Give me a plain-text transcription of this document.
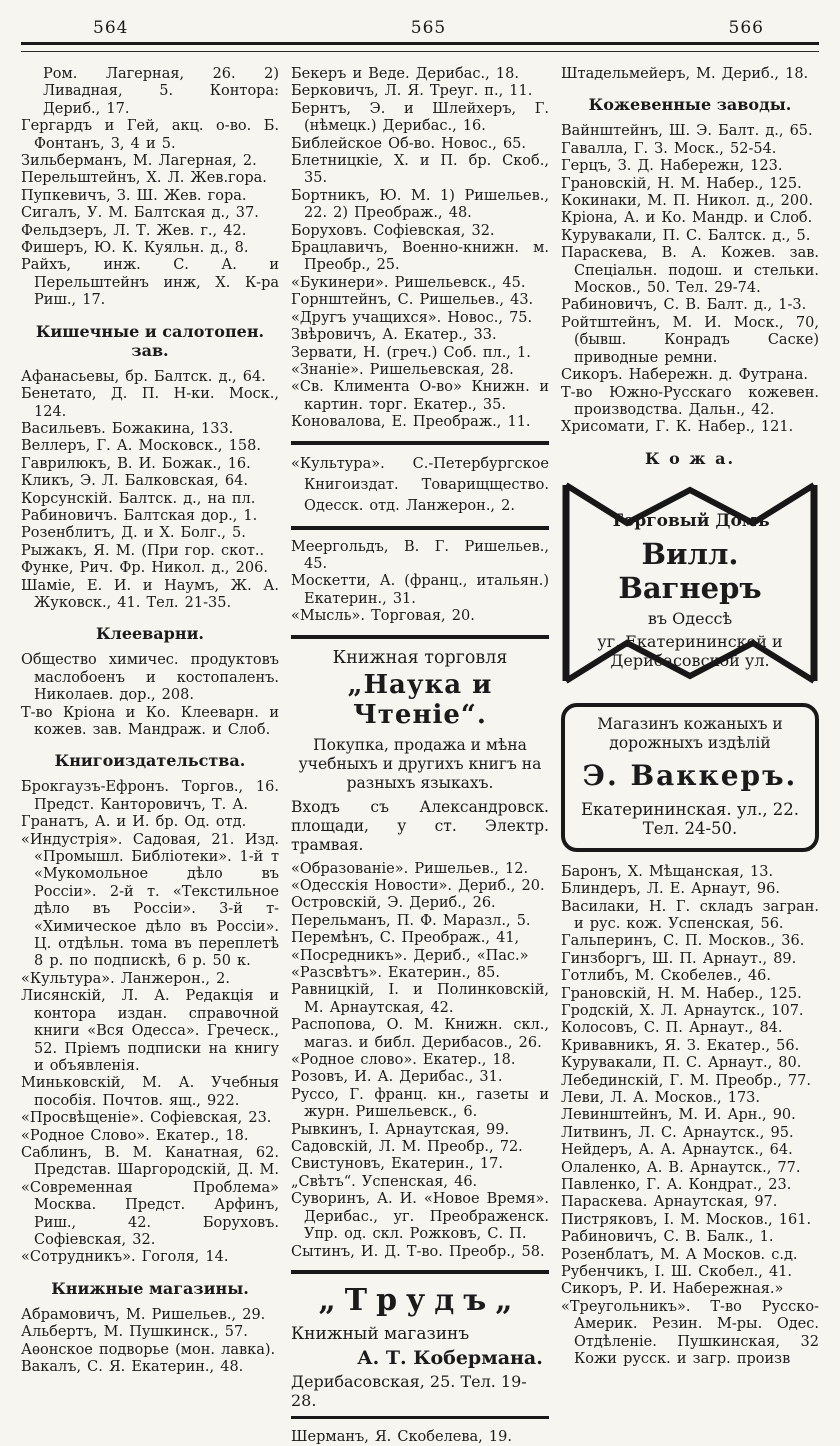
564	565	566
Ром. Лагерная, 26. 2) Ливадная, 5. Контора: Дериб., 17.
Гергардъ и Гей, акц. о-во. Б. Фонтанъ, 3, 4 и 5.
Зильберманъ, М. Лагерная, 2.
Перельштейнъ, Х. Л. Жев.гора.
Пупкевичъ, З. Ш. Жев. гора.
Сигалъ, У. М. Балтская д., 37.
Фельдзеръ, Л. Т. Жев. г., 42.
Фишеръ, Ю. К. Куяльн. д., 8.
Райхъ, инж. С. А. и Перельштейнъ инж, Х. К-ра Риш., 17.
Кишечные и салотопен. зав.
Афанасьевы, бр. Балтск. д., 64.
Бенетато, Д. П. Н-ки. Моск., 124.
Васильевъ. Божакина, 133.
Веллеръ, Г. А. Московск., 158.
Гаврилюкъ, В. И. Божак., 16.
Кликъ, Э. Л. Балковская, 64.
Корсунскій. Балтск. д., на пл.
Рабиновичъ. Балтская дор., 1.
Розенблитъ, Д. и Х. Болг., 5.
Рыжакъ, Я. М. (При гор. скот..
Функе, Рич. Фр. Никол. д., 206.
Шаміе, Е. И. и Наумъ, Ж. А. Жуковск., 41. Тел. 21-35.
Клееварни.
Общество химичес. продуктовъ маслобоенъ и костопаленъ. Николаев. дор., 208.
Т-во Кріона и Ко. Клееварн. и кожев. зав. Мандраж. и Слоб.
Книгоиздательства.
Брокгаузъ-Ефронъ. Торгов., 16. Предст. Канторовичъ, Т. А.
Гранатъ, А. и И. бр. Од. отд.
«Индустрія». Садовая, 21. Изд. «Промышл. Библіотеки». 1-й т «Мукомольное дѣло въ Россіи». 2-й т. «Текстильное дѣло въ Россіи». 3-й т- «Химическое дѣло въ Россіи». Ц. отдѣльн. тома въ переплетѣ 8 р. по подпискѣ, 6 р. 50 к.
«Культура». Ланжерон., 2.
Лисянскій, Л. А. Редакція и контора издан. справочной книги «Вся Одесса». Греческ., 52. Пріемъ подписки на книгу и объявленія.
Миньковскій, М. А. Учебныя пособія. Почтов. ящ., 922.
«Просвѣщеніе». Софіевская, 23.
«Родное Слово». Екатер., 18.
Саблинъ, В. М. Канатная, 62. Представ. Шаргородскій, Д. М.
«Современная Проблема» Москва. Предст. Арфинъ, Риш., 42. Боруховъ. Софіевская, 32.
«Сотрудникъ». Гоголя, 14.
Книжные магазины.
Абрамовичъ, М. Ришельев., 29.
Альбертъ, М. Пушкинск., 57.
Аѳонское подворье (мон. лавка).
Вакалъ, С. Я. Екатерин., 48.
Бекеръ и Веде. Дерибас., 18.
Берковичъ, Л. Я. Треуг. п., 11.
Бернтъ, Э. и Шлейхеръ, Г. (нѣмецк.) Дерибас., 16.
Библейское Об-во. Новос., 65.
Блетницкіе, Х. и П. бр. Скоб., 35.
Бортникъ, Ю. М. 1) Ришельев., 22. 2) Преображ., 48.
Боруховъ. Софіевская, 32.
Брацлавичъ, Военно-книжн. м. Преобр., 25.
«Букинери». Ришельевск., 45.
Горнштейнъ, С. Ришельев., 43.
«Другъ учащихся». Новос., 75.
Звѣровичъ, А. Екатер., 33.
Зервати, Н. (греч.) Соб. пл., 1.
«Знаніе». Ришельевская, 28.
«Св. Климента О-во» Книжн. и картин. торг. Екатер., 35.
Коновалова, Е. Преображ., 11.
«Культура». С.-Петербургское Книгоиздат. Товарищщество. Одесск. отд. Ланжерон., 2.
Меергольдъ, В. Г. Ришельев., 45.
Москетти, А. (франц., итальян.) Екатерин., 31.
«Мысль». Торговая, 20.
Книжная торговля
„Наука и Чтеніе“.
Покупка, продажа и мѣна учебныхъ и другихъ книгъ на разныхъ языкахъ.
Входъ съ Александровск. площади, у ст. Электр. трамвая.
«Образованіе». Ришельев., 12.
«Одесскія Новости». Дериб., 20.
Островскій, Э. Дериб., 26.
Перельманъ, П. Ф. Маразл., 5.
Перемѣнъ, С. Преображ., 41,
«Посредникъ». Дериб., «Пас.»
«Разсвѣтъ». Екатерин., 85.
Равницкій, І. и Полинковскій, М. Арнаутская, 42.
Распопова, О. М. Книжн. скл., магаз. и библ. Дерибасов., 26.
«Родное слово». Екатер., 18.
Розовъ, И. А. Дерибас., 31.
Руссо, Г. франц. кн., газеты и журн. Ришельевск., 6.
Рывкинъ, І. Арнаутская, 99.
Садовскій, Л. М. Преобр., 72.
Свистуновъ, Екатерин., 17.
„Свѣтъ“. Успенская, 46.
Суворинъ, А. И. «Новое Время». Дерибас., уг. Преображенск. Упр. од. скл. Рожковъ, С. П.
Сытинъ, И. Д. Т-во. Преобр., 58.
„Трудъ„
Книжный магазинъ
А. Т. Кобермана.
Дерибасовская, 25. Тел. 19-28.
Шерманъ, Я. Скобелева, 19.
Штадельмейеръ, М. Дериб., 18.
Кожевенные заводы.
Вайнштейнъ, Ш. Э. Балт. д., 65.
Гавалла, Г. З. Моск., 52-54.
Герцъ, З. Д. Набережн, 123.
Грановскій, Н. М. Набер., 125.
Кокинаки, М. П. Никол. д., 200.
Кріона, А. и Ко. Мандр. и Слоб.
Курувакали, П. С. Балтск. д., 5.
Параскева, В. А. Кожев. зав. Спеціальн. подош. и стельки. Москов., 50. Тел. 29-74.
Рабиновичъ, С. В. Балт. д., 1-3.
Ройтштейнъ, М. И. Моск., 70, (бывш. Конрадъ Саске) приводные ремни.
Сикоръ. Набережн. д. Футрана.
Т-во Южно-Русскаго кожевен. производства. Дальн., 42.
Хрисомати, Г. К. Набер., 121.
К о ж а.
Торговый Домъ
Вилл. Вагнеръ
въ Одессѣ
уг. Екатерининской и Дерибасовской ул.
Магазинъ кожаныхъ и дорожныхъ издѣлій
Э. Ваккеръ.
Екатерининская. ул., 22.
Тел. 24-50.
Баронъ, Х. Мѣщанская, 13.
Блиндеръ, Л. Е. Арнаут, 96.
Василаки, Н. Г. складъ загран. и рус. кож. Успенская, 56.
Гальперинъ, С. П. Москов., 36.
Гинзборгъ, Ш. П. Арнаут., 89.
Готлибъ, М. Скобелев., 46.
Грановскій, Н. М. Набер., 125.
Гродскій, Х. Л. Арнаутск., 107.
Колосовъ, С. П. Арнаут., 84.
Кривавникъ, Я. З. Екатер., 56.
Курувакали, П. С. Арнаут., 80.
Лебединскій, Г. М. Преобр., 77.
Леви, Л. А. Москов., 173.
Левинштейнъ, М. И. Арн., 90.
Литвинъ, Л. С. Арнаутск., 95.
Нейдеръ, А. А. Арнаутск., 64.
Олаленко, А. В. Арнаутск., 77.
Павленко, Г. А. Кондрат., 23.
Параскева. Арнаутская, 97.
Пистряковъ, І. М. Москов., 161.
Рабиновичъ, С. В. Балк., 1.
Розенблатъ, М. А Москов. с.д.
Рубенчикъ, І. Ш. Скобел., 41.
Сикоръ, Р. И. Набережная.»
«Треугольникъ». Т-во Русско-Америк. Резин. М-ры. Одес. Отдѣленіе. Пушкинская, 32 Кожи русск. и загр. произв
